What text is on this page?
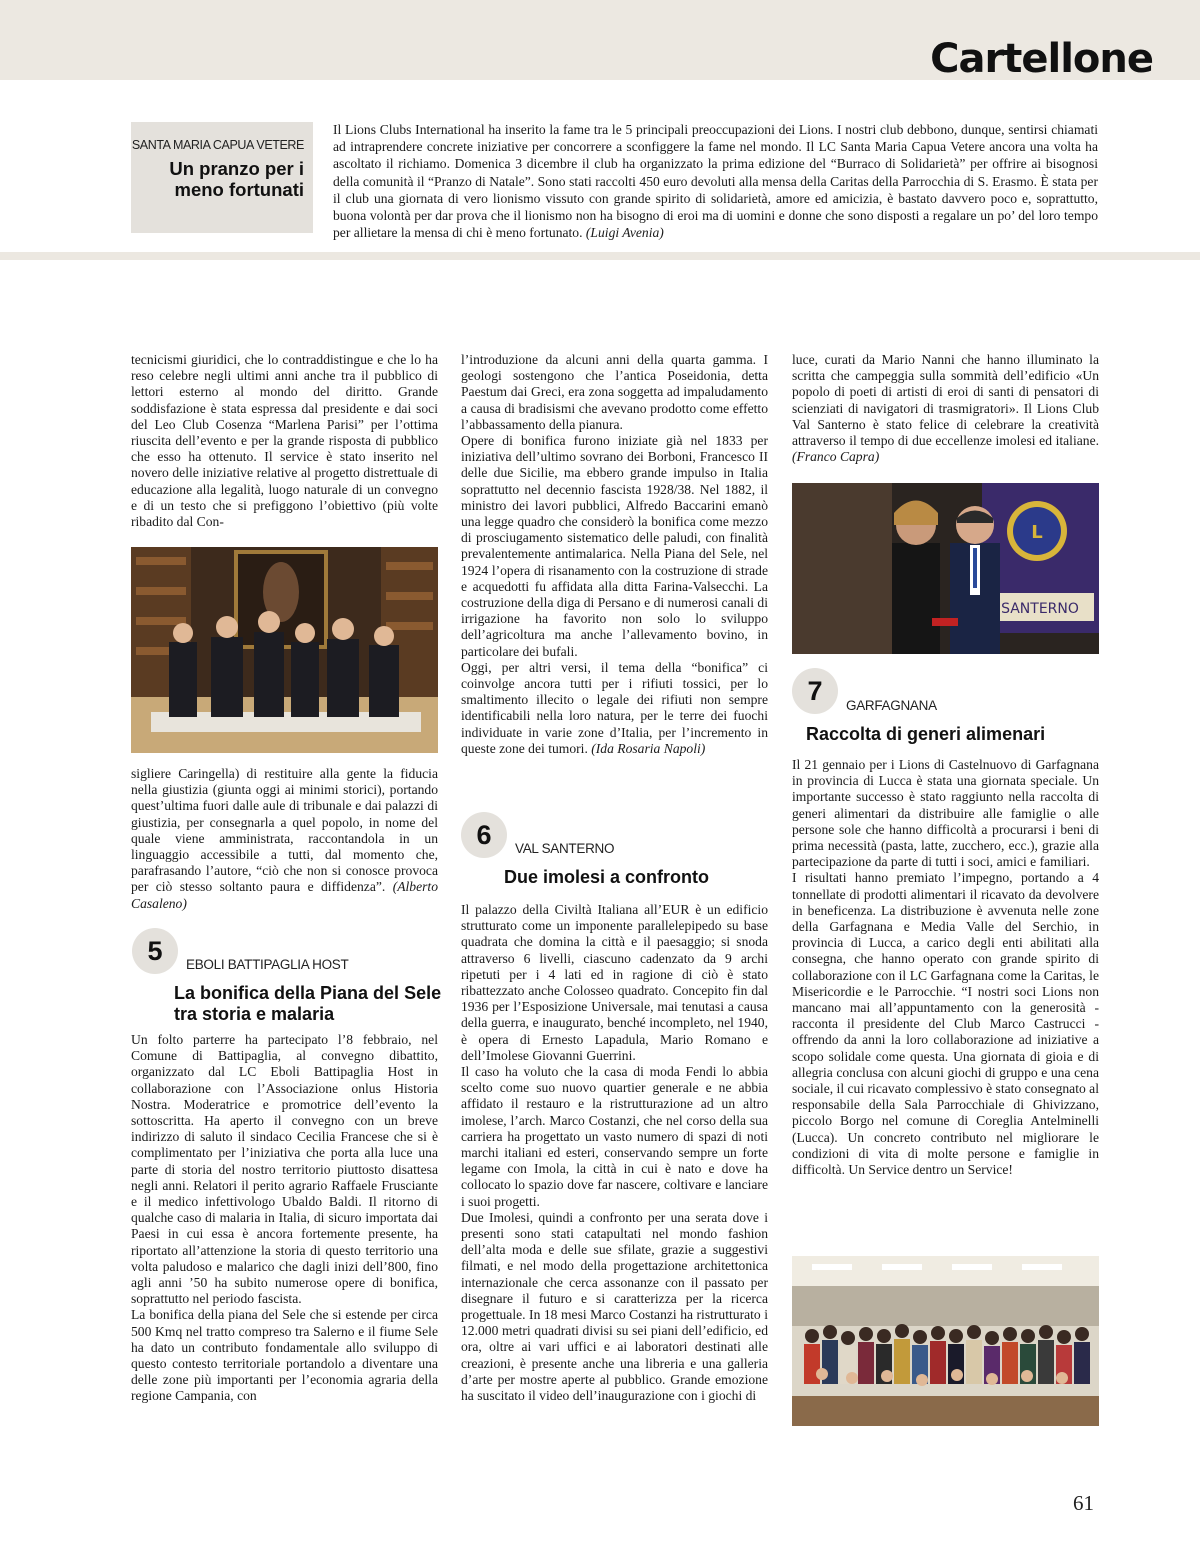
Cartellone
SANTA MARIA CAPUA VETERE
Un pranzo per i meno fortunati
Il Lions Clubs International ha inserito la fame tra le 5 principali preoccupazioni dei Lions. I nostri club debbono, dunque, sentirsi chiamati ad intraprendere concrete iniziative per concorrere a sconfiggere la fame nel mondo. Il LC Santa Maria Capua Vetere ancora una volta ha ascoltato il richiamo. Domenica 3 dicembre il club ha organizzato la prima edizione del “Burraco di Solidarietà” per offrire ai bisognosi della comunità il “Pranzo di Natale”. Sono stati raccolti 450 euro devoluti alla mensa della Caritas della Parrocchia di S. Erasmo. È stata per il club una giornata di vero lionismo vissuto con grande spirito di solidarietà, amore ed amicizia, è bastato davvero poco e, soprattutto, buona volontà per dar prova che il lionismo non ha bisogno di eroi ma di uomini e donne che sono disposti a regalare un po’ del loro tempo per allietare la mensa di chi è meno fortunato. (Luigi Avenia)

tecnicismi giuridici, che lo contraddistingue e che lo ha reso celebre negli ultimi anni anche tra il pubblico di lettori esterno al mondo del diritto. Grande soddisfazione è stata espressa dal presidente e dai soci del Leo Club Cosenza “Marlena Parisi” per l’ottima riuscita dell’evento e per la grande risposta di pubblico che esso ha ottenuto. Il service è stato inserito nel novero delle iniziative relative al progetto distrettuale di educazione alla legalità, luogo naturale di un convegno e di un testo che si prefiggono l’obiettivo (più volte ribadito dal Con-

sigliere Caringella) di restituire alla gente la fiducia nella giustizia (giunta oggi ai minimi storici), portando quest’ultima fuori dalle aule di tribunale e dai palazzi di giustizia, per consegnarla a quel popolo, in nome del quale viene amministrata, raccontandola in un linguaggio accessibile a tutti, dal momento che, parafrasando l’autore, “ciò che non si conosce provoca per ciò stesso soltanto paura e diffidenza”. (Alberto Casaleno)

5	EBOLI BATTIPAGLIA HOST
La bonifica della Piana del Sele tra storia e malaria

Un folto parterre ha partecipato l’8 febbraio, nel Comune di Battipaglia, al convegno dibattito, organizzato dal LC Eboli Battipaglia Host in collaborazione con l’Associazione onlus Historia Nostra. Moderatrice e promotrice dell’evento la sottoscritta. Ha aperto il convegno con un breve indirizzo di saluto il sindaco Cecilia Francese che si è complimentato per l’iniziativa che porta alla luce una parte di storia del nostro territorio piuttosto disattesa negli anni. Relatori il perito agrario Raffaele Frusciante e il medico infettivologo Ubaldo Baldi. Il ritorno di qualche caso di malaria in Italia, di sicuro importata dai Paesi in cui essa è ancora fortemente presente, ha riportato all’attenzione la storia di questo territorio una volta paludoso e malarico che dagli inizi dell’800, fino agli anni ’50 ha subito numerose opere di bonifica, soprattutto nel periodo fascista.

La bonifica della piana del Sele che si estende per circa 500 Kmq nel tratto compreso tra Salerno e il fiume Sele ha dato un contributo fondamentale allo sviluppo di questo contesto territoriale portandolo a diventare una delle zone più importanti per l’economia agraria della regione Campania, con

l’introduzione da alcuni anni della quarta gamma. I geologi sostengono che l’antica Poseidonia, detta Paestum dai Greci, era zona soggetta ad impaludamento a causa di bradisismi che avevano prodotto come effetto l’abbassamento della pianura.

Opere di bonifica furono iniziate già nel 1833 per iniziativa dell’ultimo sovrano dei Borboni, Francesco II delle due Sicilie, ma ebbero grande impulso in Italia soprattutto nel decennio fascista 1928/38. Nel 1882, il ministro dei lavori pubblici, Alfredo Baccarini emanò una legge quadro che considerò la bonifica come mezzo di prosciugamento sistematico delle paludi, con finalità prevalentemente antimalarica. Nella Piana del Sele, nel 1924 l’opera di risanamento con la costruzione di strade e acquedotti fu affidata alla ditta Farina-Valsecchi. La costruzione della diga di Persano e di numerosi canali di irrigazione ha favorito non solo lo sviluppo dell’agricoltura ma anche l’allevamento bovino, in particolare dei bufali.

Oggi, per altri versi, il tema della “bonifica” ci coinvolge ancora tutti per i rifiuti tossici, per lo smaltimento illecito o legale dei rifiuti non sempre identificabili nella loro natura, per le terre dei fuochi individuate in varie zone d’Italia, per l’incremento in queste zone dei tumori. (Ida Rosaria Napoli)

6	VAL SANTERNO
Due imolesi a confronto

Il palazzo della Civiltà Italiana all’EUR è un edificio strutturato come un imponente parallelepipedo su base quadrata che domina la città e il paesaggio; si snoda attraverso 6 livelli, ciascuno cadenzato da 9 archi ripetuti per i 4 lati ed in ragione di ciò è stato ribattezzato anche Colosseo quadrato. Concepito fin dal 1936 per l’Esposizione Universale, mai tenutasi a causa della guerra, e inaugurato, benché incompleto, nel 1940, è opera di Ernesto Lapadula, Mario Romano e dell’Imolese Giovanni Guerrini.

Il caso ha voluto che la casa di moda Fendi lo abbia scelto come suo nuovo quartier generale e ne abbia affidato il restauro e la ristrutturazione ad un altro imolese, l’arch. Marco Costanzi, che nel corso della sua carriera ha progettato un vasto numero di spazi di noti marchi italiani ed esteri, conservando sempre un forte legame con Imola, la città in cui è nato e dove ha collocato lo spazio dove far nascere, coltivare e lanciare i suoi progetti.

Due Imolesi, quindi a confronto per una serata dove i presenti sono stati catapultati nel mondo fashion dell’alta moda e delle sue sfilate, grazie a suggestivi filmati, e nel modo della progettazione architettonica internazionale che cerca assonanze con il passato per disegnare il futuro e si caratterizza per la ricerca progettuale. In 18 mesi Marco Costanzi ha ristrutturato i 12.000 metri quadrati divisi su sei piani dell’edificio, ed ora, oltre ai vari uffici e ai laboratori destinati alle creazioni, è presente anche una libreria e una galleria d’arte per mostre aperte al pubblico. Grande emozione ha suscitato il video dell’inaugurazione con i giochi di

luce, curati da Mario Nanni che hanno illuminato la scritta che campeggia sulla sommità dell’edificio «Un popolo di poeti di artisti di eroi di santi di pensatori di scienziati di navigatori di trasmigratori». Il Lions Club Val Santerno è stato felice di celebrare la creatività attraverso il tempo di due eccellenze imolesi ed italiane. (Franco Capra)

L
SANTERNO
7	GARFAGNANA
Raccolta di generi alimenari

Il 21 gennaio per i Lions di Castelnuovo di Garfagnana in provincia di Lucca è stata una giornata speciale. Un importante successo è stato raggiunto nella raccolta di generi alimentari da distribuire alle famiglie o alle persone sole che hanno difficoltà a procurarsi i beni di prima necessità (pasta, latte, zucchero, ecc.), grazie alla partecipazione da parte di tutti i soci, amici e familiari.

I risultati hanno premiato l’impegno, portando a 4 tonnellate di prodotti alimentari il ricavato da devolvere in beneficenza. La distribuzione è avvenuta nelle zone della Garfagnana e Media Valle del Serchio, in provincia di Lucca, a carico degli enti abilitati alla consegna, che hanno operato con grande spirito di collaborazione con il LC Garfagnana come la Caritas, le Misericordie e le Parrocchie. “I nostri soci Lions non mancano mai all’appuntamento con la generosità - racconta il presidente del Club Marco Castrucci - offrendo da anni la loro collaborazione ad iniziative a scopo solidale come questa. Una giornata di gioia e di allegria conclusa con alcuni giochi di gruppo e una cena sociale, il cui ricavato complessivo è stato consegnato al responsabile della Sala Parrocchiale di Ghivizzano, piccolo Borgo nel comune di Coreglia Antelminelli (Lucca). Un concreto contributo nel migliorare le condizioni di vita di molte persone e famiglie in difficoltà. Un Service dentro un Service!

61
